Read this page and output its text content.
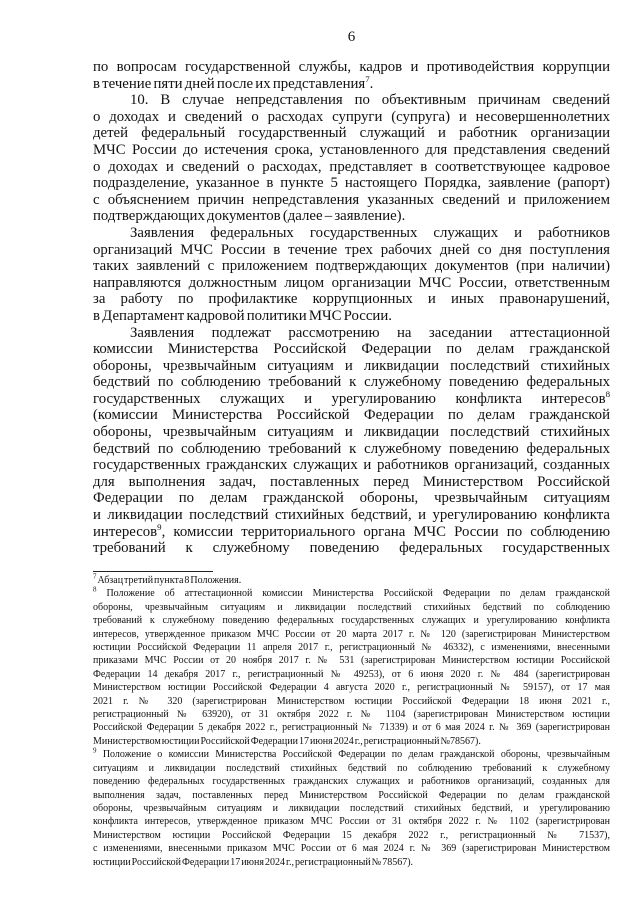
6
по вопросам государственной службы, кадров и противодействия коррупции
в течение пяти дней после их представления$^7$.
10. В случае непредставления по объективным причинам сведений
о доходах и сведений о расходах супруги (супруга) и несовершеннолетних
детей федеральный государственный служащий и работник организации
МЧС России до истечения срока, установленного для представления сведений
о доходах и сведений о расходах, представляет в соответствующее кадровое
подразделение, указанное в пункте 5 настоящего Порядка, заявление (рапорт)
с объяснением причин непредставления указанных сведений и приложением
подтверждающих документов (далее – заявление).
Заявления федеральных государственных служащих и работников
организаций МЧС России в течение трех рабочих дней со дня поступления
таких заявлений с приложением подтверждающих документов (при наличии)
направляются должностным лицом организации МЧС России, ответственным
за работу по профилактике коррупционных и иных правонарушений,
в Департамент кадровой политики МЧС России.
Заявления подлежат рассмотрению на заседании аттестационной
комиссии Министерства Российской Федерации по делам гражданской
обороны, чрезвычайным ситуациям и ликвидации последствий стихийных
бедствий по соблюдению требований к служебному поведению федеральных
государственных служащих и урегулированию конфликта интересов$^8$
(комиссии Министерства Российской Федерации по делам гражданской
обороны, чрезвычайным ситуациям и ликвидации последствий стихийных
бедствий по соблюдению требований к служебному поведению федеральных
государственных гражданских служащих и работников организаций, созданных
для выполнения задач, поставленных перед Министерством Российской
Федерации по делам гражданской обороны, чрезвычайным ситуациям
и ликвидации последствий стихийных бедствий, и урегулированию конфликта
интересов$^9$, комиссии территориального органа МЧС России по соблюдению
требований к служебному поведению федеральных государственных
$^7$ Абзац третий пункта 8 Положения.
$^8$ Положение об аттестационной комиссии Министерства Российской Федерации по делам гражданской
обороны, чрезвычайным ситуациям и ликвидации последствий стихийных бедствий по соблюдению
требований к служебному поведению федеральных государственных служащих и урегулированию конфликта
интересов, утвержденное приказом МЧС России от 20 марта 2017 г. № 120 (зарегистрирован Министерством
юстиции Российской Федерации 11 апреля 2017 г., регистрационный № 46332), с изменениями, внесенными
приказами МЧС России от 20 ноября 2017 г. № 531 (зарегистрирован Министерством юстиции Российской
Федерации 14 декабря 2017 г., регистрационный № 49253), от 6 июня 2020 г. № 484 (зарегистрирован
Министерством юстиции Российской Федерации 4 августа 2020 г., регистрационный № 59157), от 17 мая
2021 г. № 320 (зарегистрирован Министерством юстиции Российской Федерации 18 июня 2021 г.,
регистрационный № 63920), от 31 октября 2022 г. № 1104 (зарегистрирован Министерством юстиции
Российской Федерации 5 декабря 2022 г., регистрационный № 71339) и от 6 мая 2024 г. № 369 (зарегистрирован
Министерством юстиции Российской Федерации 17 июня 2024 г., регистрационный №78567).
$^9$ Положение о комиссии Министерства Российской Федерации по делам гражданской обороны, чрезвычайным
ситуациям и ликвидации последствий стихийных бедствий по соблюдению требований к служебному
поведению федеральных государственных гражданских служащих и работников организаций, созданных для
выполнения задач, поставленных перед Министерством Российской Федерации по делам гражданской
обороны, чрезвычайным ситуациям и ликвидации последствий стихийных бедствий, и урегулированию
конфликта интересов, утвержденное приказом МЧС России от 31 октября 2022 г. № 1102 (зарегистрирован
Министерством юстиции Российской Федерации 15 декабря 2022 г., регистрационный № 71537),
с изменениями, внесенными приказом МЧС России от 6 мая 2024 г. № 369 (зарегистрирован Министерством
юстиции Российской Федерации 17 июня 2024 г., регистрационный № 78567).
